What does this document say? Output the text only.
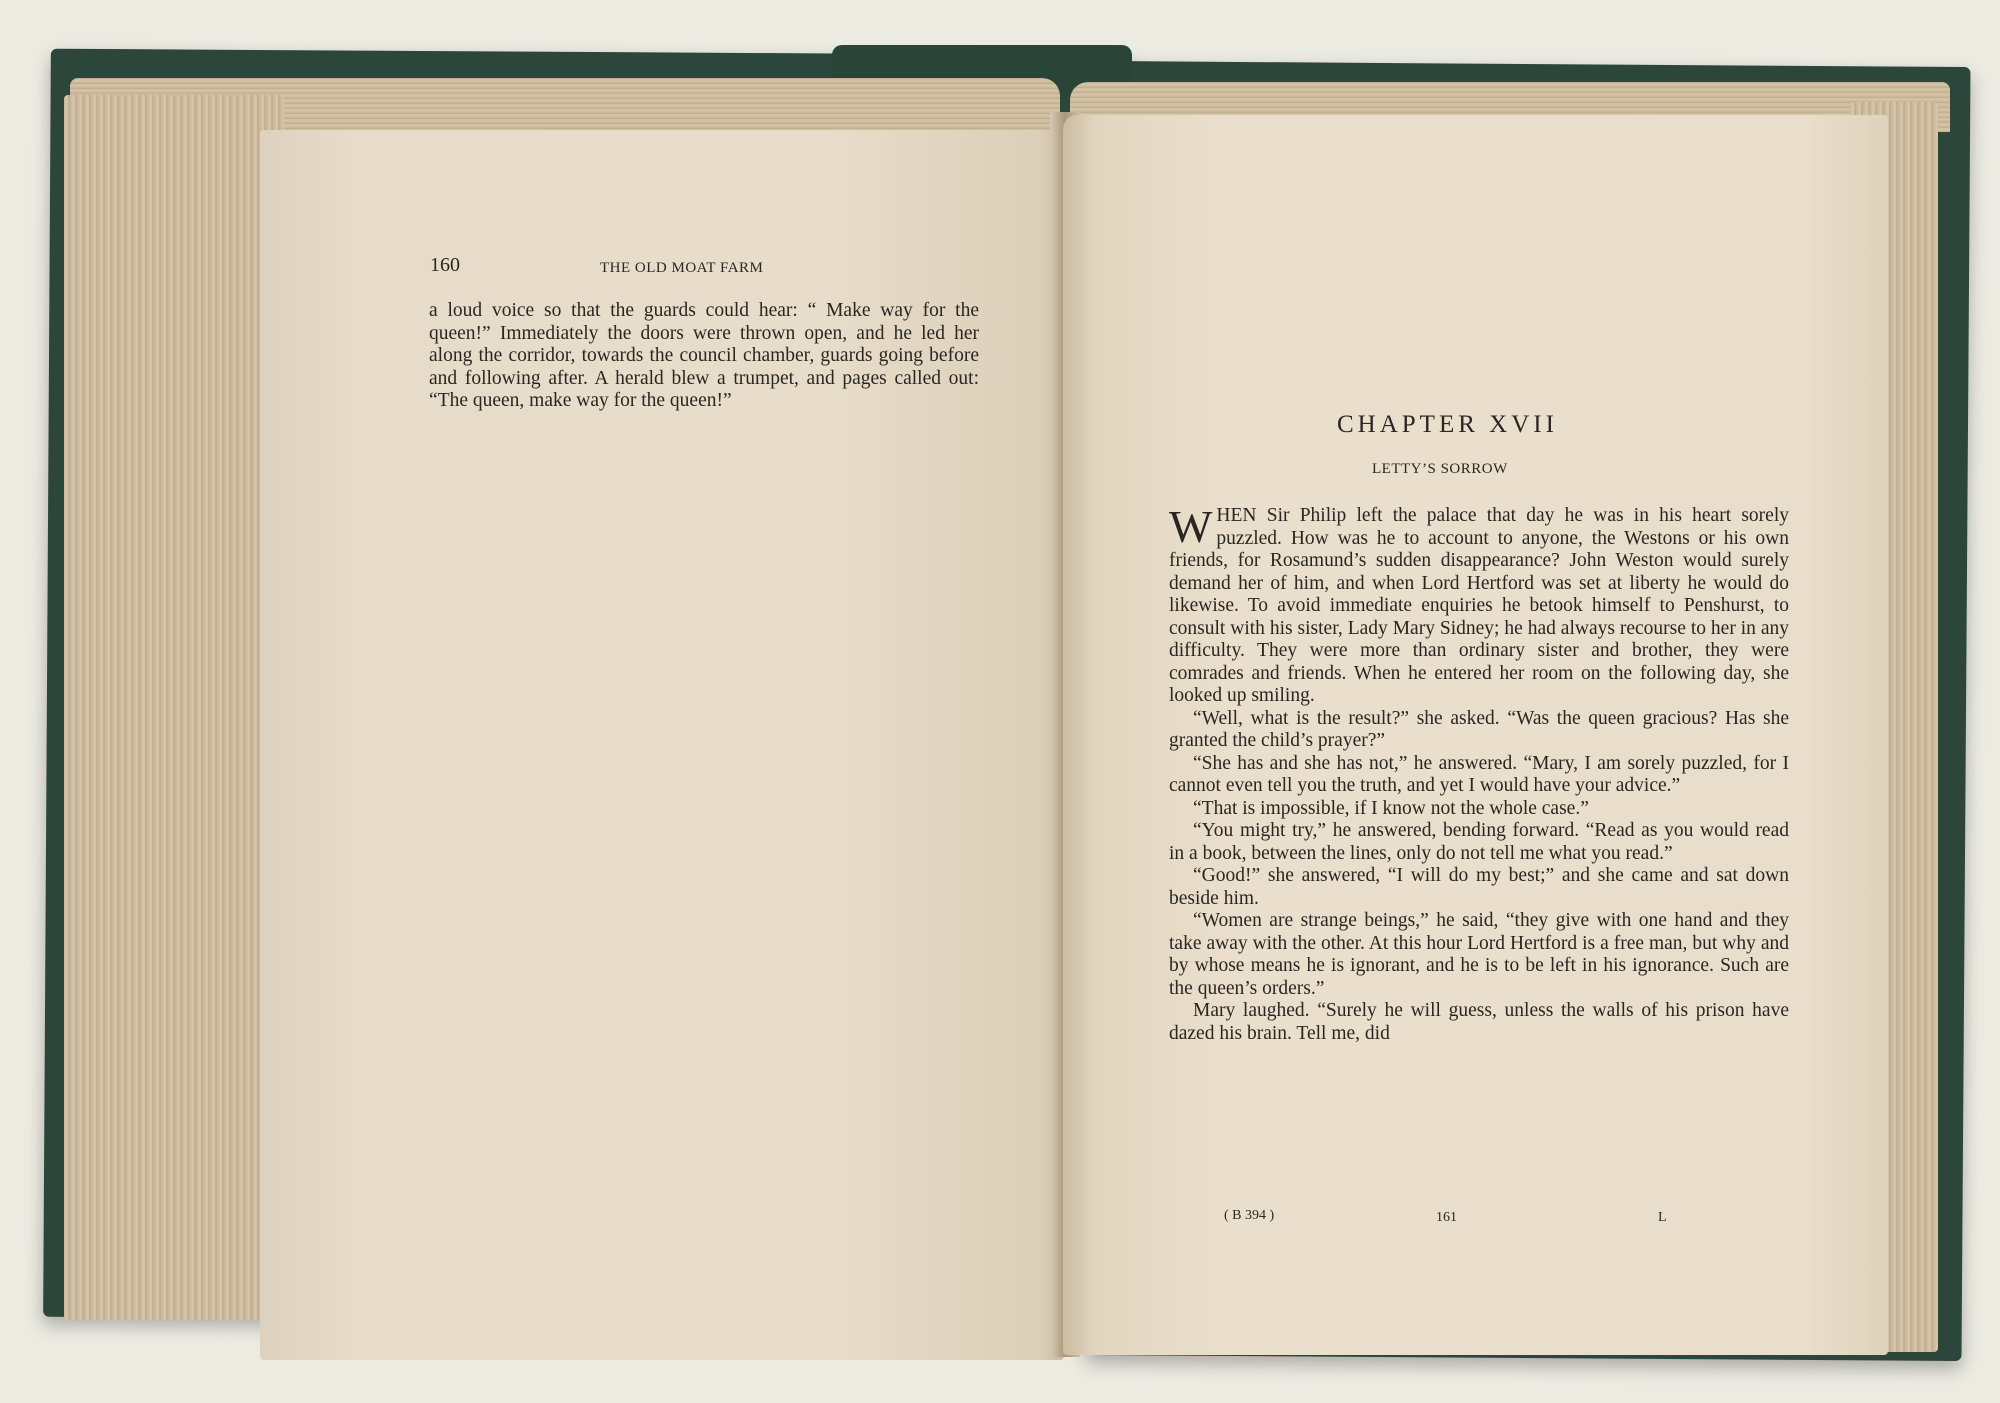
160	THE OLD MOAT FARM

a loud voice so that the guards could hear: “ Make way for the queen!” Immediately the doors were thrown open, and he led her along the corridor, towards the council chamber, guards going before and following after. A herald blew a trumpet, and pages called out: “The queen, make way for the queen!”

CHAPTER XVII
LETTY’S SORROW

WHEN Sir Philip left the palace that day he was in his heart sorely puzzled. How was he to account to anyone, the Westons or his own friends, for Rosamund’s sudden disappearance? John Weston would surely demand her of him, and when Lord Hertford was set at liberty he would do likewise. To avoid immediate enquiries he betook himself to Penshurst, to consult with his sister, Lady Mary Sidney; he had always recourse to her in any difficulty. They were more than ordinary sister and brother, they were comrades and friends. When he entered her room on the following day, she looked up smiling.

“Well, what is the result?” she asked. “Was the queen gracious? Has she granted the child’s prayer?”

“She has and she has not,” he answered. “Mary, I am sorely puzzled, for I cannot even tell you the truth, and yet I would have your advice.”

“That is impossible, if I know not the whole case.”

“You might try,” he answered, bending forward. “Read as you would read in a book, between the lines, only do not tell me what you read.”

“Good!” she answered, “I will do my best;” and she came and sat down beside him.

“Women are strange beings,” he said, “they give with one hand and they take away with the other. At this hour Lord Hertford is a free man, but why and by whose means he is ignorant, and he is to be left in his ignorance. Such are the queen’s orders.”

Mary laughed. “Surely he will guess, unless the walls of his prison have dazed his brain. Tell me, did

( B 394 )	161	L
